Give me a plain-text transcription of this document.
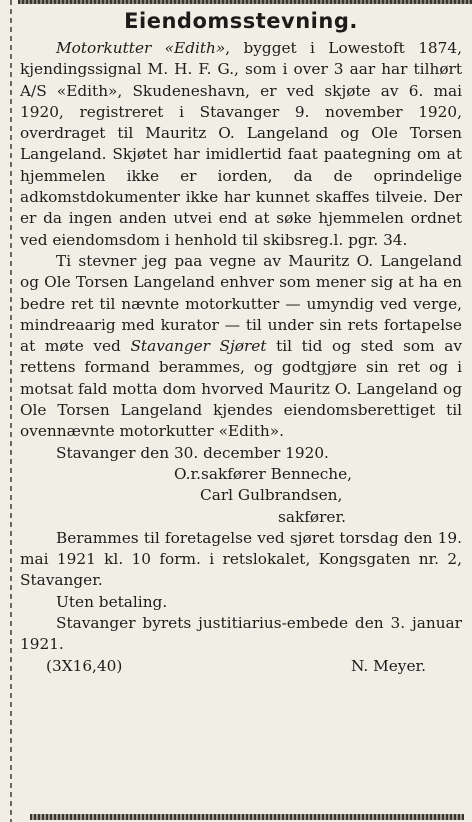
Eiendomsstevning.

Motorkutter «Edith», bygget i Lowestoft 1874, kjendingssignal M. H. F. G., som i over 3 aar har tilhørt A/S «Edith», Skudeneshavn, er ved skjøte av 6. mai 1920, registreret i Stavanger 9. november 1920, overdraget til Mauritz O. Langeland og Ole Torsen Langeland. Skjøtet har imidlertid faat paategning om at hjemmelen ikke er iorden, da de oprindelige adkomstdokumenter ikke har kunnet skaffes tilveie. Der er da ingen anden utvei end at søke hjemmelen ordnet ved eiendomsdom i henhold til skibsreg.l. pgr. 34.

Ti stevner jeg paa vegne av Mauritz O. Langeland og Ole Torsen Langeland enhver som mener sig at ha en bedre ret til nævnte motorkutter — umyndig ved verge, mindreaarig med kurator — til under sin rets fortapelse at møte ved Stavanger Sjøret til tid og sted som av rettens formand berammes, og godtgjøre sin ret og i motsat fald motta dom hvorved Mauritz O. Langeland og Ole Torsen Langeland kjendes eiendomsberettiget til ovennævnte motorkutter «Edith».

Stavanger den 30. december 1920.
O.r.sakfører Benneche,
Carl Gulbrandsen,
sakfører.

Berammes til foretagelse ved sjøret torsdag den 19. mai 1921 kl. 10 form. i retslokalet, Kongsgaten nr. 2, Stavanger.

Uten betaling.

Stavanger byrets justitiarius-embede den 3. januar 1921.

(3X16,40)	N. Meyer.
